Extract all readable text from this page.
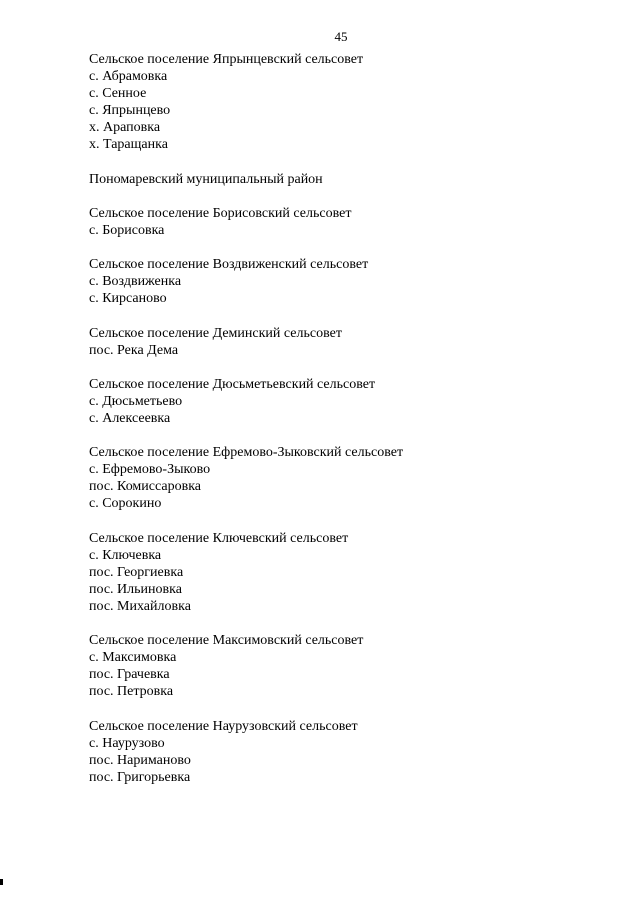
45
Сельское поселение Япрынцевский сельсовет
с. Абрамовка
с. Сенное
с. Япрынцево
х. Араповка
х. Таращанка
Пономаревский муниципальный район
Сельское поселение Борисовский сельсовет
с. Борисовка
Сельское поселение Воздвиженский сельсовет
с. Воздвиженка
с. Кирсаново
Сельское поселение Деминский сельсовет
пос. Река Дема
Сельское поселение Дюсьметьевский сельсовет
с. Дюсьметьево
с. Алексеевка
Сельское поселение Ефремово-Зыковский сельсовет
с. Ефремово-Зыково
пос. Комиссаровка
с. Сорокино
Сельское поселение Ключевский сельсовет
с. Ключевка
пос. Георгиевка
пос. Ильиновка
пос. Михайловка
Сельское поселение Максимовский сельсовет
с. Максимовка
пос. Грачевка
пос. Петровка
Сельское поселение Наурузовский сельсовет
с. Наурузово
пос. Нариманово
пос. Григорьевка
